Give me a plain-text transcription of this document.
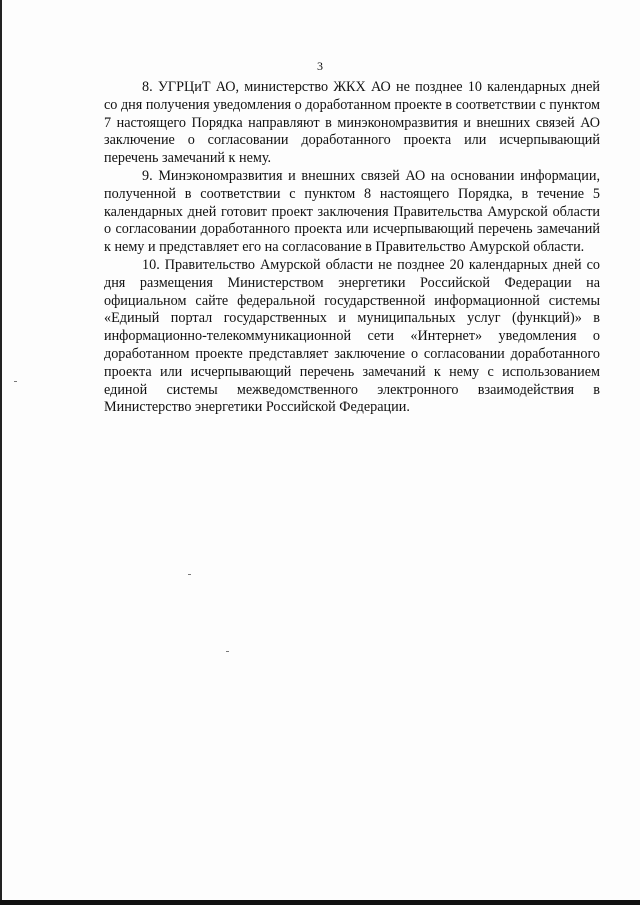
3

8. УГРЦиТ АО, министерство ЖКХ АО не позднее 10 календарных дней со дня получения уведомления о доработанном проекте в соответствии с пунктом 7 настоящего Порядка направляют в минэкономразвития и внешних связей АО заключение о согласовании доработанного проекта или исчерпывающий перечень замечаний к нему.

9. Минэкономразвития и внешних связей АО на основании информации, полученной в соответствии с пунктом 8 настоящего Порядка, в течение 5 календарных дней готовит проект заключения Правительства Амурской области о согласовании доработанного проекта или исчерпывающий перечень замечаний к нему и представляет его на согласование в Правительство Амурской области.

10. Правительство Амурской области не позднее 20 календарных дней со дня размещения Министерством энергетики Российской Федерации на официальном сайте федеральной государственной информационной системы «Единый портал государственных и муниципальных услуг (функций)» в информационно-телекоммуникационной сети «Интернет» уведомления о доработанном проекте представляет заключение о согласовании доработанного проекта или исчерпывающий перечень замечаний к нему с использованием единой системы межведомственного электронного взаимодействия в Министерство энергетики Российской Федерации.
